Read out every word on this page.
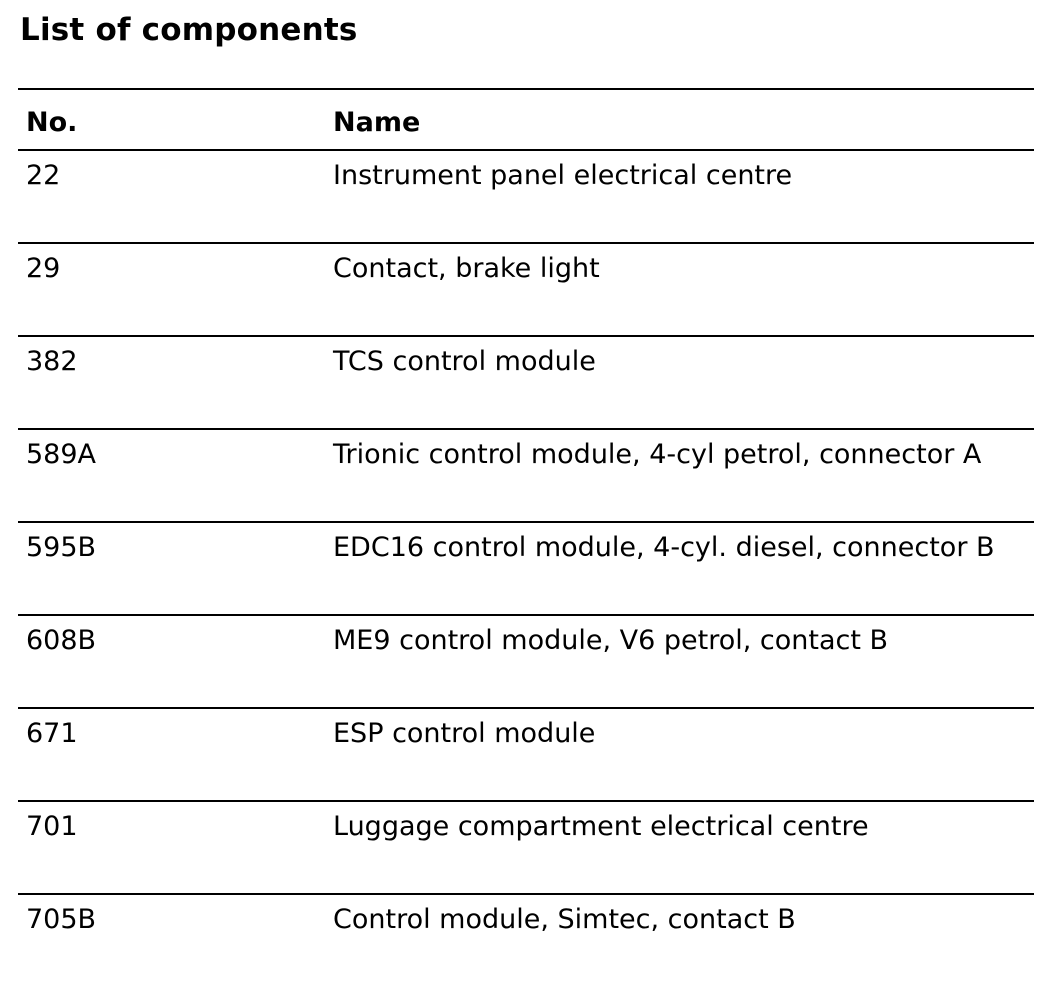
List of components
No.	Name
22	Instrument panel electrical centre
29	Contact, brake light
382	TCS control module
589A	Trionic control module, 4-cyl petrol, connector A
595B	EDC16 control module, 4-cyl. diesel, connector B
608B	ME9 control module, V6 petrol, contact B
671	ESP control module
701	Luggage compartment electrical centre
705B	Control module, Simtec, contact B
